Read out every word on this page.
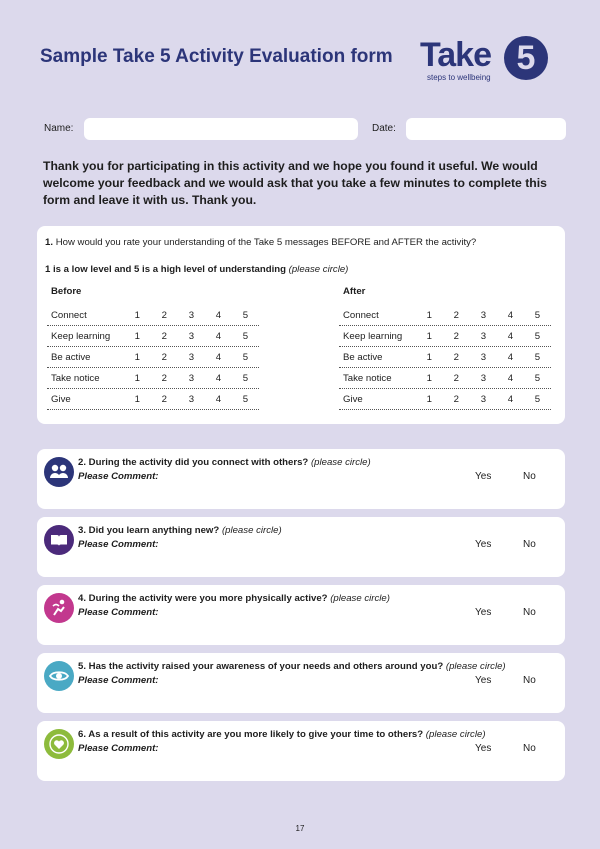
Sample Take 5 Activity Evaluation form Take 5
steps to wellbeing
Name:	Date:
Thank you for participating in this activity and we hope you found it useful. We would welcome your feedback and we would ask that you take a few minutes to complete this form and leave it with us. Thank you.
1. How would you rate your understanding of the Take 5 messages BEFORE and AFTER the activity?
1 is a low level and 5 is a high level of understanding (please circle)
Before
Connect	1	2	3	4	5
Keep learning	1	2	3	4	5
Be active	1	2	3	4	5
Take notice	1	2	3	4	5
Give	1	2	3	4	5
After
Connect	1	2	3	4	5
Keep learning	1	2	3	4	5
Be active	1	2	3	4	5
Take notice	1	2	3	4	5
Give	1	2	3	4	5
2. During the activity did you connect with others? (please circle)
Please Comment:	Yes	No
3. Did you learn anything new? (please circle)
Please Comment:	Yes	No
4. During the activity were you more physically active? (please circle)
Please Comment:	Yes	No
5. Has the activity raised your awareness of your needs and others around you? (please circle)
Please Comment:	Yes	No
6. As a result of this activity are you more likely to give your time to others? (please circle)
Please Comment:	Yes	No
17
